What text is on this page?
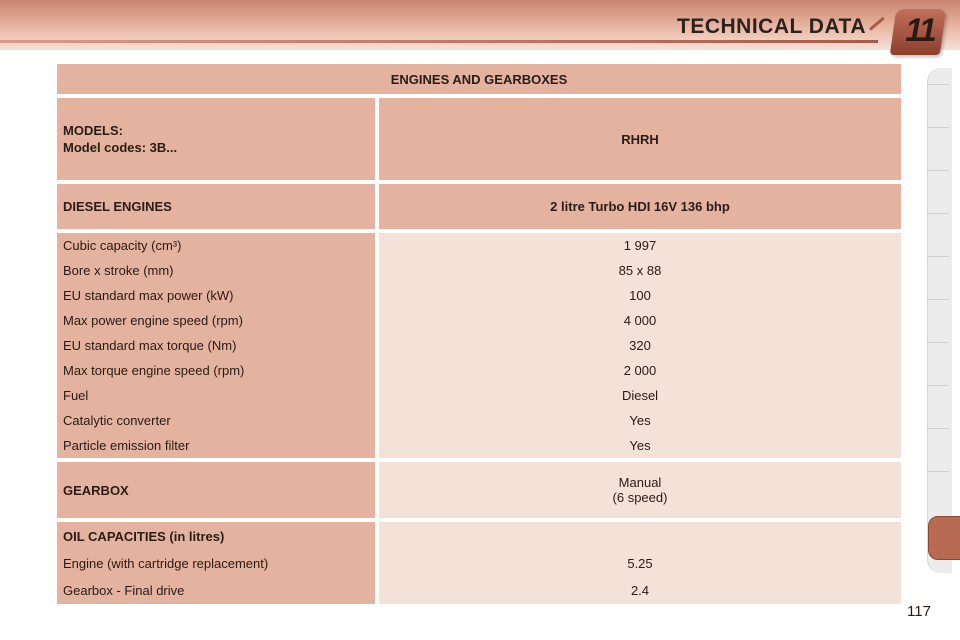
TECHNICAL DATA 11
ENGINES AND GEARBOXES	

MODELS:
Model codes: 3B...	RHRH

DIESEL ENGINES	2 litre Turbo HDI 16V 136 bhp

Cubic capacity (cm³)	1 997
Bore x stroke (mm)	85 x 88
EU standard max power (kW)	100
Max power engine speed (rpm)	4 000
EU standard max torque (Nm)	320
Max torque engine speed (rpm)	2 000
Fuel	Diesel
Catalytic converter	Yes
Particle emission filter	Yes

GEARBOX	Manual
(6 speed)

OIL CAPACITIES (in litres)	
Engine (with cartridge replacement)	5.25
Gearbox - Final drive	2.4
117
